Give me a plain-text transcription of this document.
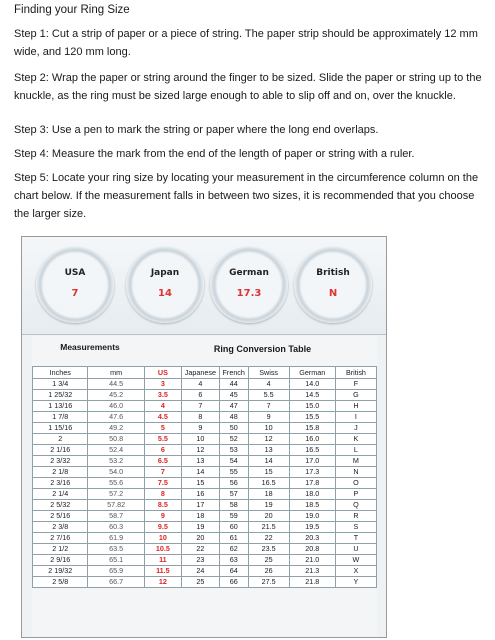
Finding your Ring Size

Step 1: Cut a strip of paper or a piece of string. The paper strip should be approximately 12 mm wide, and 120 mm long.

Step 2: Wrap the paper or string around the finger to be sized. Slide the paper or string up to the knuckle, as the ring must be sized large enough to able to slip off and on, over the knuckle.

Step 3: Use a pen to mark the string or paper where the long end overlaps.

Step 4: Measure the mark from the end of the length of paper or string with a ruler.

Step 5: Locate your ring size by locating your measurement in the circumference column on the chart below. If the measurement falls in between two sizes, it is recommended that you choose the larger size.

USA
7
Japan
14
German
17.3
British
N
Measurements	Ring Conversion Table
Inches	mm	US	Japanese	French	Swiss	German	British
1 3/4	44.5	3	4	44	4	14.0	F
1 25/32	45.2	3.5	6	45	5.5	14.5	G
1 13/16	46.0	4	7	47	7	15.0	H
1 7/8	47.6	4.5	8	48	9	15.5	I
1 15/16	49.2	5	9	50	10	15.8	J
2	50.8	5.5	10	52	12	16.0	K
2 1/16	52.4	6	12	53	13	16.5	L
2 3/32	53.2	6.5	13	54	14	17.0	M
2 1/8	54.0	7	14	55	15	17.3	N
2 3/16	55.6	7.5	15	56	16.5	17.8	O
2 1/4	57.2	8	16	57	18	18.0	P
2 5/32	57.82	8.5	17	58	19	18.5	Q
2 5/16	58.7	9	18	59	20	19.0	R
2 3/8	60.3	9.5	19	60	21.5	19.5	S
2 7/16	61.9	10	20	61	22	20.3	T
2 1/2	63.5	10.5	22	62	23.5	20.8	U
2 9/16	65.1	11	23	63	25	21.0	W
2 19/32	65.9	11.5	24	64	26	21.3	X
2 5/8	66.7	12	25	66	27.5	21.8	Y
